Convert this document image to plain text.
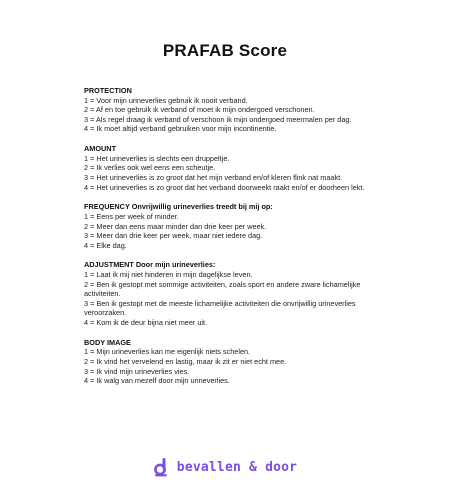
PRAFAB Score
PROTECTION
1 = Voor mijn urineverlies gebruik ik nooit verband.
2 = Af en toe gebruik ik verband of moet ik mijn ondergoed verschonen.
3 = Als regel draag ik verband of verschoon ik mijn ondergoed meermalen per dag.
4 = Ik moet altijd verband gebruiken voor mijn incontinentie.
AMOUNT
1 = Het urineverlies is slechts een druppeltje.
2 = Ik verlies ook wel eens een scheutje.
3 = Het urineverlies is zo groot dat het mijn verband en/of kleren flink nat maakt.
4 = Het urineverlies is zo groot dat het verband doorweekt raakt en/of er doorheen lekt.
FREQUENCY Onvrijwillig urineverlies treedt bij mij op:
1 = Eens per week of minder.
2 = Meer dan eens maar minder dan drie keer per week.
3 = Meer dan drie keer per week, maar niet iedere dag.
4 = Elke dag.
ADJUSTMENT Door mijn urineverlies:
1 = Laat ik mij niet hinderen in mijn dagelijkse leven.
2 = Ben ik gestopt met sommige activiteiten, zoals sport en andere zware lichamelijke activiteiten.
3 = Ben ik gestopt met de meeste lichamelijke activiteiten die onvrijwillig urineverlies veroorzaken.
4 = Kom ik de deur bijna niet meer uit.
BODY IMAGE
1 = Mijn urineverlies kan me eigenlijk niets schelen.
2 = Ik vind het vervelend en lastig, maar ik zit er niet echt mee.
3 = Ik vind mijn urineverlies vies.
4 = Ik walg van mezelf door mijn urineverlies.
bevallen & door
